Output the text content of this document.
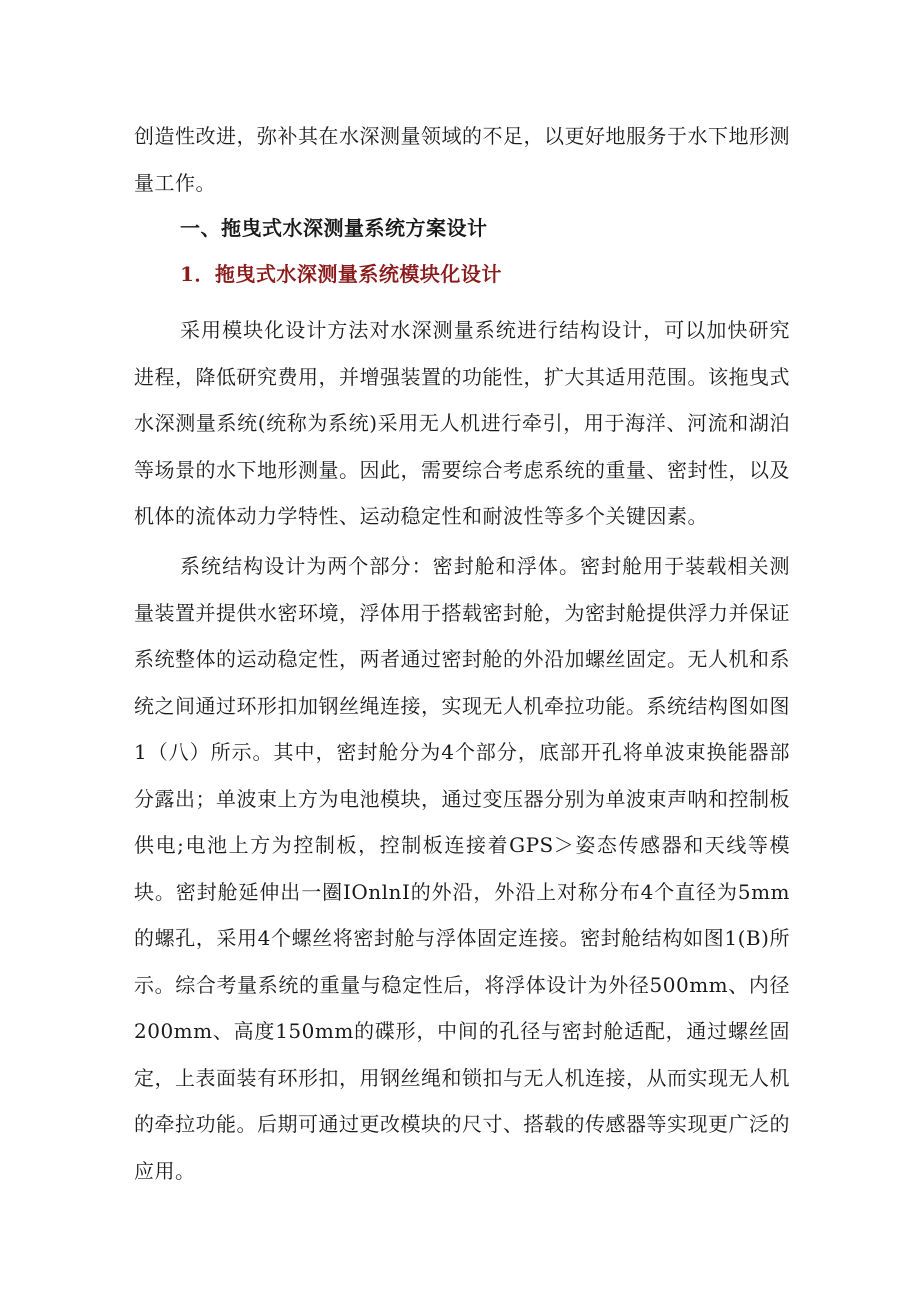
创造性改进，弥补其在水深测量领域的不足，以更好地服务于水下地形测量工作。

一、拖曳式水深测量系统方案设计
1．拖曳式水深测量系统模块化设计

采用模块化设计方法对水深测量系统进行结构设计，可以加快研究进程，降低研究费用，并增强装置的功能性，扩大其适用范围。该拖曳式水深测量系统(统称为系统)采用无人机进行牵引，用于海洋、河流和湖泊等场景的水下地形测量。因此，需要综合考虑系统的重量、密封性，以及机体的流体动力学特性、运动稳定性和耐波性等多个关键因素。

系统结构设计为两个部分：密封舱和浮体。密封舱用于装载相关测量装置并提供水密环境，浮体用于搭载密封舱，为密封舱提供浮力并保证系统整体的运动稳定性，两者通过密封舱的外沿加螺丝固定。无人机和系统之间通过环形扣加钢丝绳连接，实现无人机牵拉功能。系统结构图如图1（八）所示。其中，密封舱分为4个部分，底部开孔将单波束换能器部分露出；单波束上方为电池模块，通过变压器分别为单波束声呐和控制板供电;电池上方为控制板，控制板连接着GPS＞姿态传感器和天线等模块。密封舱延伸出一圈IOnlnI的外沿，外沿上对称分布4个直径为5mm的螺孔，采用4个螺丝将密封舱与浮体固定连接。密封舱结构如图1(B)所示。综合考量系统的重量与稳定性后，将浮体设计为外径500mm、内径200mm、高度150mm的碟形，中间的孔径与密封舱适配，通过螺丝固定，上表面装有环形扣，用钢丝绳和锁扣与无人机连接，从而实现无人机的牵拉功能。后期可通过更改模块的尺寸、搭载的传感器等实现更广泛的应用。
